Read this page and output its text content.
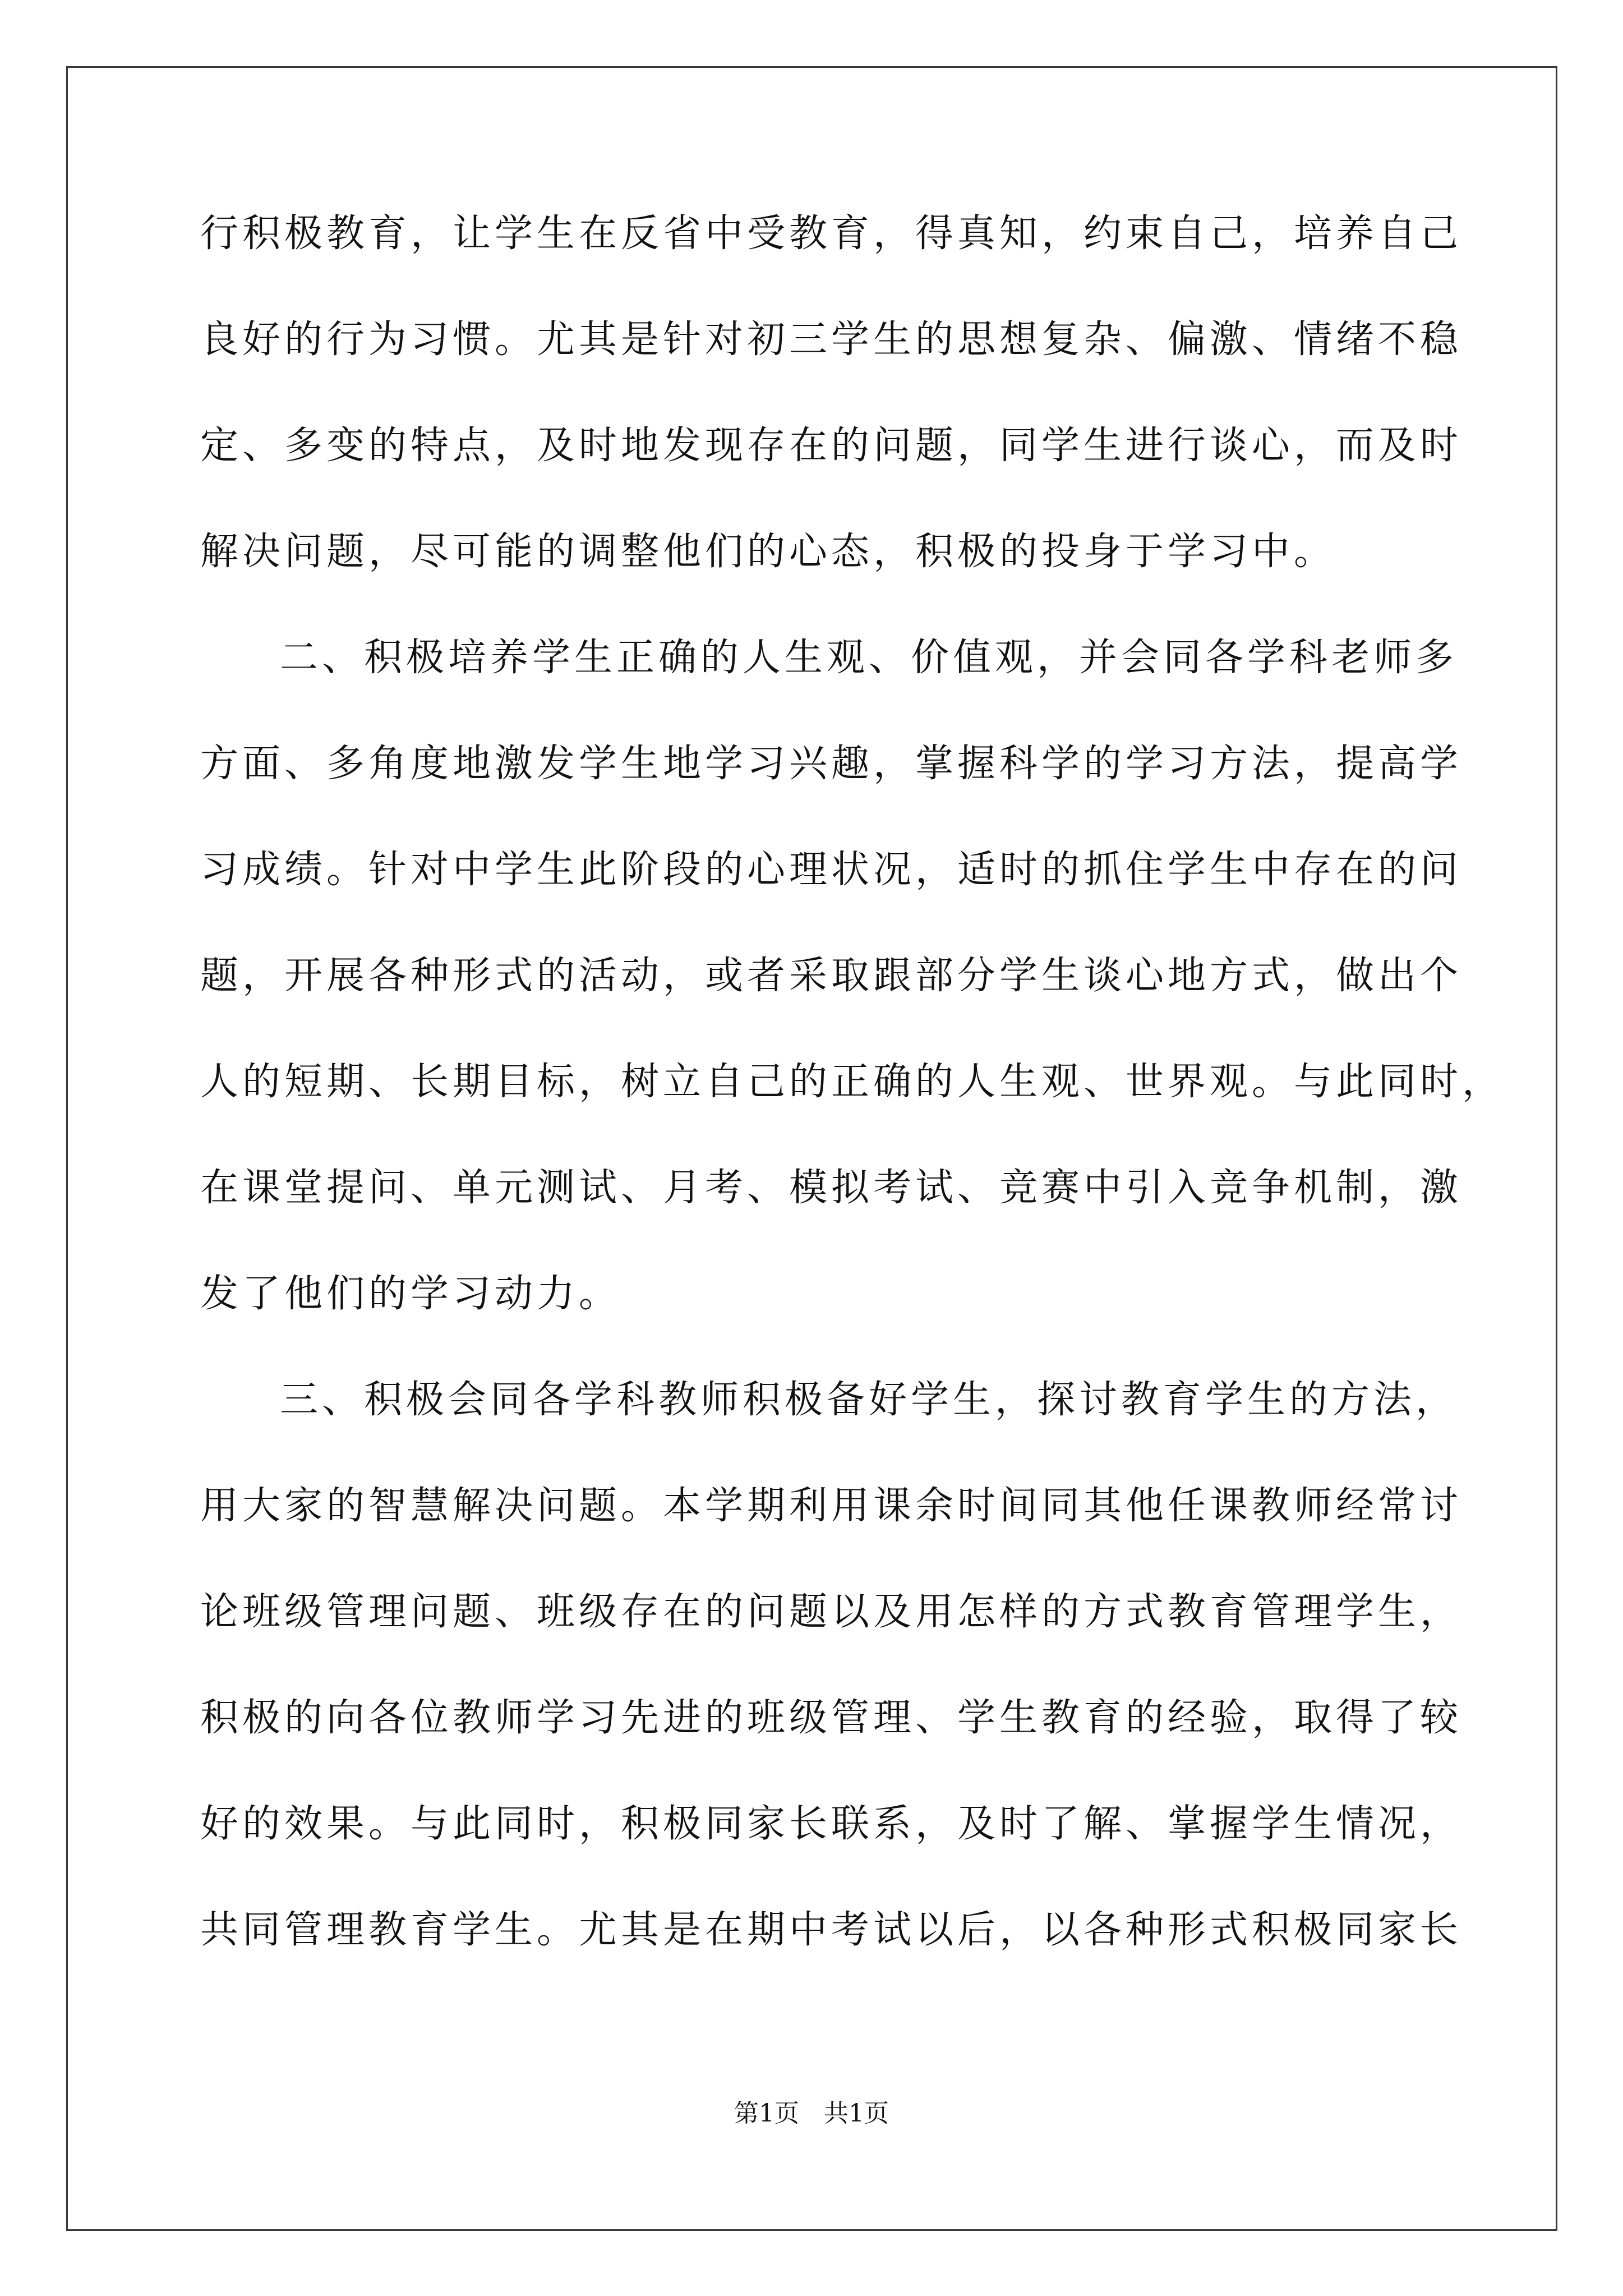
行积极教育，让学生在反省中受教育，得真知，约束自己，培养自己
良好的行为习惯。尤其是针对初三学生的思想复杂、偏激、情绪不稳
定、多变的特点，及时地发现存在的问题，同学生进行谈心，而及时
解决问题，尽可能的调整他们的心态，积极的投身于学习中。
二、积极培养学生正确的人生观、价值观，并会同各学科老师多
方面、多角度地激发学生地学习兴趣，掌握科学的学习方法，提高学
习成绩。针对中学生此阶段的心理状况，适时的抓住学生中存在的问
题，开展各种形式的活动，或者采取跟部分学生谈心地方式，做出个
人的短期、长期目标，树立自己的正确的人生观、世界观。与此同时，
在课堂提问、单元测试、月考、模拟考试、竞赛中引入竞争机制，激
发了他们的学习动力。
三、积极会同各学科教师积极备好学生，探讨教育学生的方法，
用大家的智慧解决问题。本学期利用课余时间同其他任课教师经常讨
论班级管理问题、班级存在的问题以及用怎样的方式教育管理学生，
积极的向各位教师学习先进的班级管理、学生教育的经验，取得了较
好的效果。与此同时，积极同家长联系，及时了解、掌握学生情况，
共同管理教育学生。尤其是在期中考试以后，以各种形式积极同家长
第1页　共1页
